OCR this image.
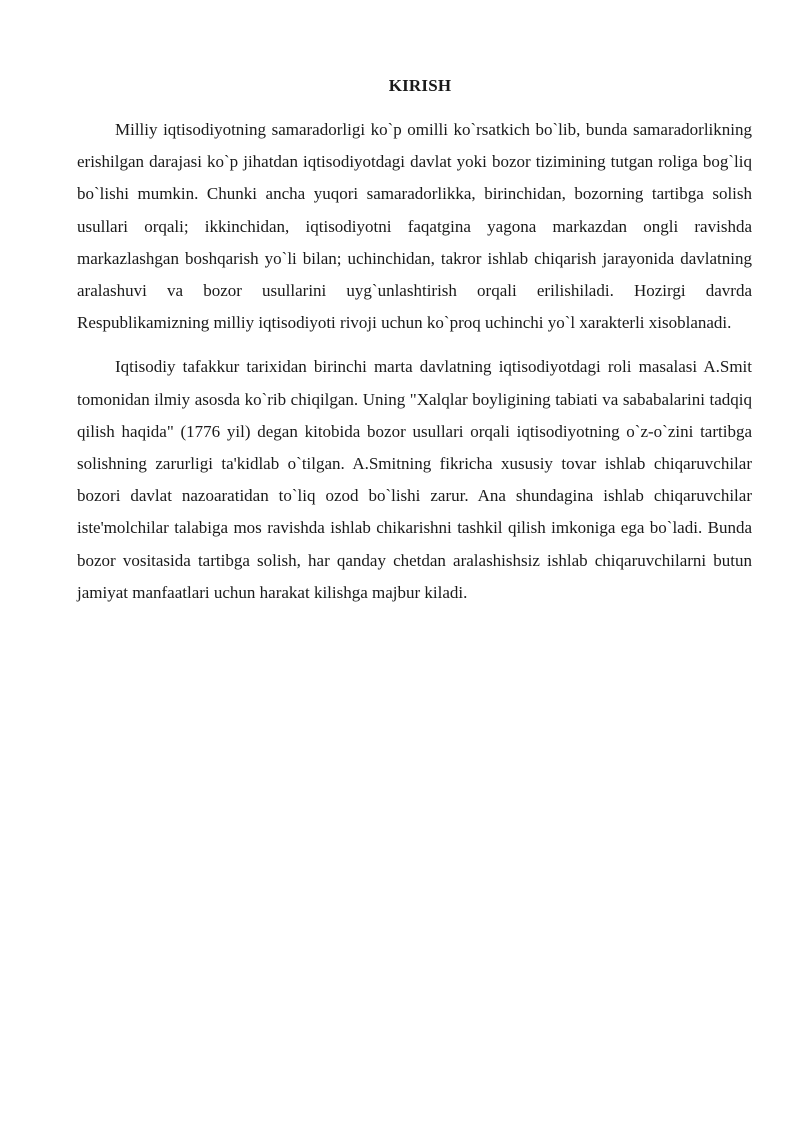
KIRISH

Milliy iqtisodiyotning samaradorligi ko`p omilli ko`rsatkich bo`lib, bunda samaradorlikning erishilgan darajasi ko`p jihatdan iqtisodiyotdagi davlat yoki bozor tizimining tutgan roliga bog`liq bo`lishi mumkin. Chunki ancha yuqori samaradorlikka, birinchidan, bozorning tartibga solish usullari orqali; ikkinchidan, iqtisodiyotni faqatgina yagona markazdan ongli ravishda markazlashgan boshqarish yo`li bilan; uchinchidan, takror ishlab chiqarish jarayonida davlatning aralashuvi va bozor usullarini uyg`unlashtirish orqali erilishiladi. Hozirgi davrda Respublikamizning milliy iqtisodiyoti rivoji uchun ko`proq uchinchi yo`l xarakterli xisoblanadi.

Iqtisodiy tafakkur tarixidan birinchi marta davlatning iqtisodiyotdagi roli masalasi A.Smit tomonidan ilmiy asosda ko`rib chiqilgan. Uning "Xalqlar boyligining tabiati va sababalarini tadqiq qilish haqida" (1776 yil) degan kitobida bozor usullari orqali iqtisodiyotning o`z-o`zini tartibga solishning zarurligi ta'kidlab o`tilgan. A.Smitning fikricha xususiy tovar ishlab chiqaruvchilar bozori davlat nazoaratidan to`liq ozod bo`lishi zarur. Ana shundagina ishlab chiqaruvchilar iste'molchilar talabiga mos ravishda ishlab chikarishni tashkil qilish imkoniga ega bo`ladi. Bunda bozor vositasida tartibga solish, har qanday chetdan aralashishsiz ishlab chiqaruvchilarni butun jamiyat manfaatlari uchun harakat kilishga majbur kiladi.
